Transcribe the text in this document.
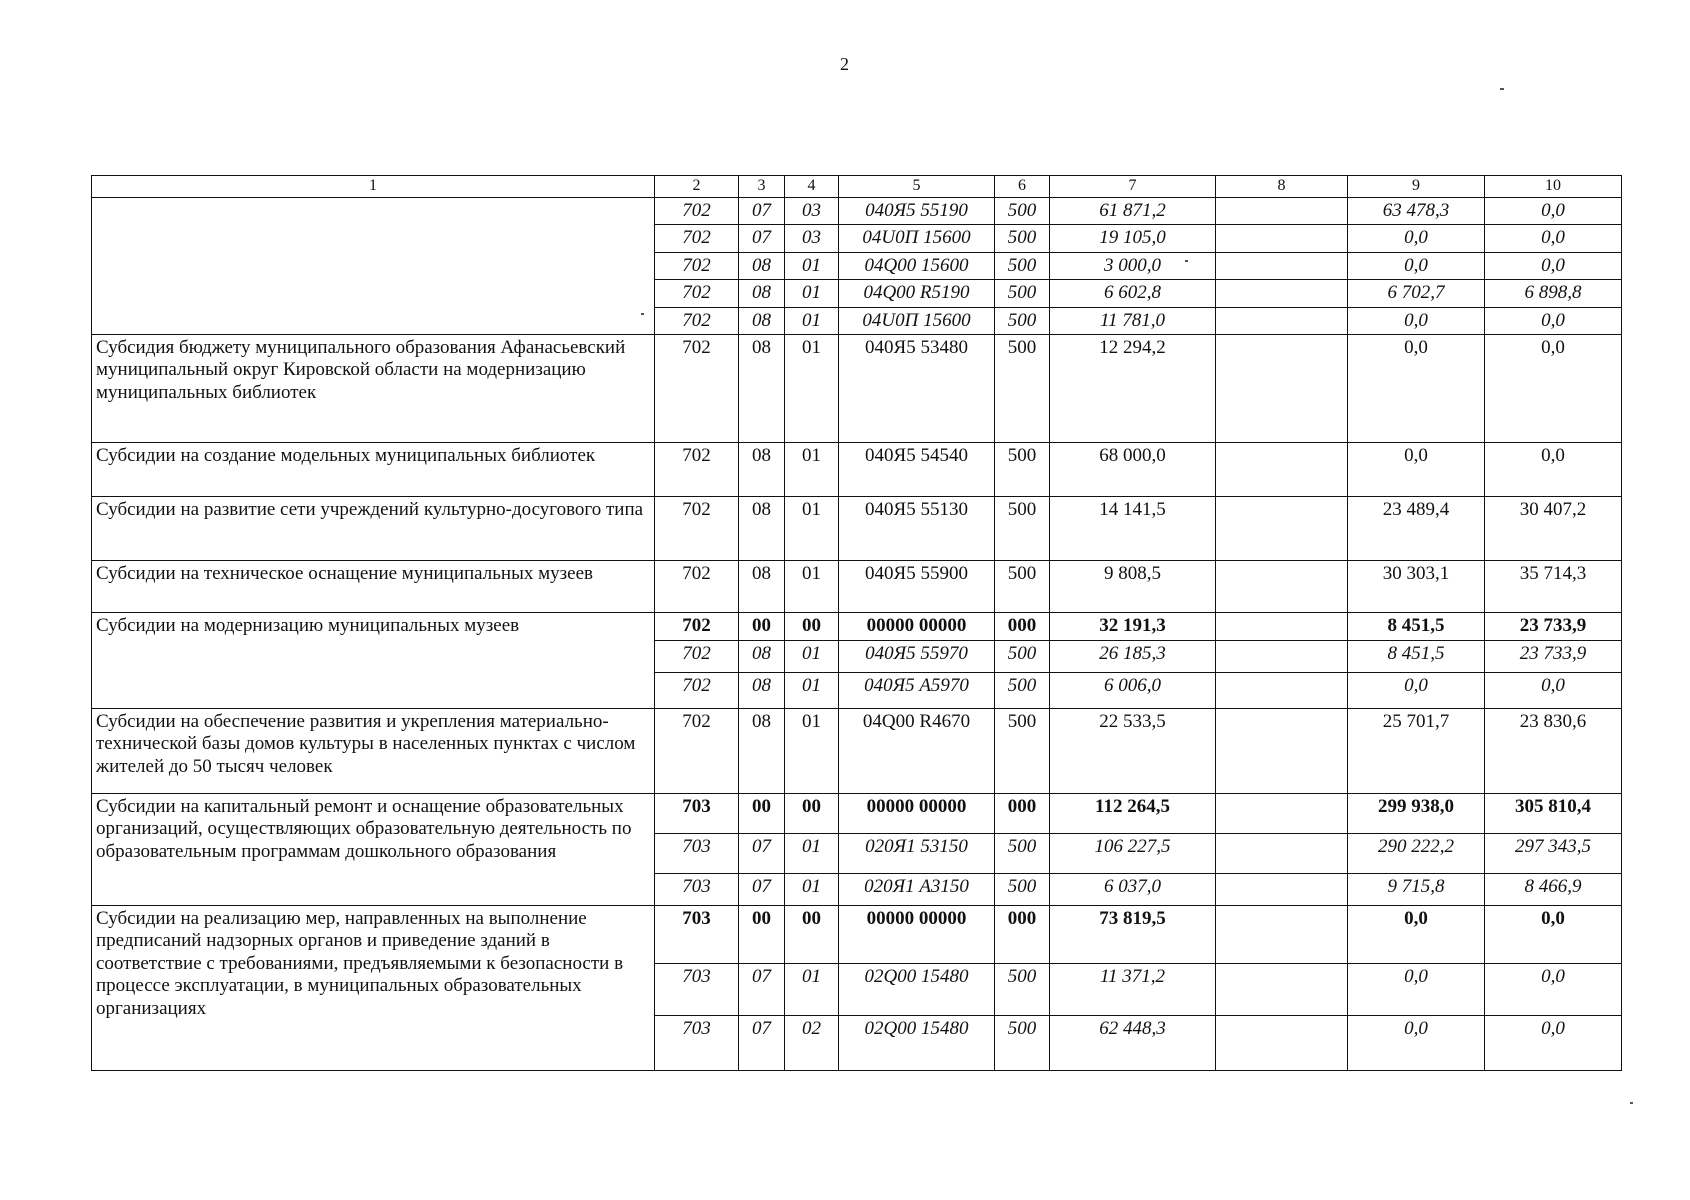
2
1	2	3	4	5	6	7	8	9	10
	702	07	03	040Я5 55190	500	61 871,2		63 478,3	0,0
	702	07	03	04U0П 15600	500	19 105,0		0,0	0,0
	702	08	01	04Q00 15600	500	3 000,0		0,0	0,0
	702	08	01	04Q00 R5190	500	6 602,8		6 702,7	6 898,8
	702	08	01	04U0П 15600	500	11 781,0		0,0	0,0
Субсидия бюджету муниципального образования Афанасьевский муниципальный округ Кировской области на модернизацию муниципальных библиотек	702	08	01	040Я5 53480	500	12 294,2		0,0	0,0
Субсидии на создание модельных муниципальных библиотек	702	08	01	040Я5 54540	500	68 000,0		0,0	0,0
Субсидии на развитие сети учреждений культурно-досугового типа	702	08	01	040Я5 55130	500	14 141,5		23 489,4	30 407,2
Субсидии на техническое оснащение муниципальных музеев	702	08	01	040Я5 55900	500	9 808,5		30 303,1	35 714,3
Субсидии на модернизацию муниципальных музеев	702	00	00	00000 00000	000	32 191,3		8 451,5	23 733,9
	702	08	01	040Я5 55970	500	26 185,3		8 451,5	23 733,9
	702	08	01	040Я5 A5970	500	6 006,0		0,0	0,0
Субсидии на обеспечение развития и укрепления материально-технической базы домов культуры в населенных пунктах с числом жителей до 50 тысяч человек	702	08	01	04Q00 R4670	500	22 533,5		25 701,7	23 830,6
Субсидии на капитальный ремонт и оснащение образовательных организаций, осуществляющих образовательную деятельность по образовательным программам дошкольного образования	703	00	00	00000 00000	000	112 264,5		299 938,0	305 810,4
	703	07	01	020Я1 53150	500	106 227,5		290 222,2	297 343,5
	703	07	01	020Я1 A3150	500	6 037,0		9 715,8	8 466,9
Субсидии на реализацию мер, направленных на выполнение предписаний надзорных органов и приведение зданий в соответствие с требованиями, предъявляемыми к безопасности в процессе эксплуатации, в муниципальных образовательных организациях	703	00	00	00000 00000	000	73 819,5		0,0	0,0
	703	07	01	02Q00 15480	500	11 371,2		0,0	0,0
	703	07	02	02Q00 15480	500	62 448,3		0,0	0,0
